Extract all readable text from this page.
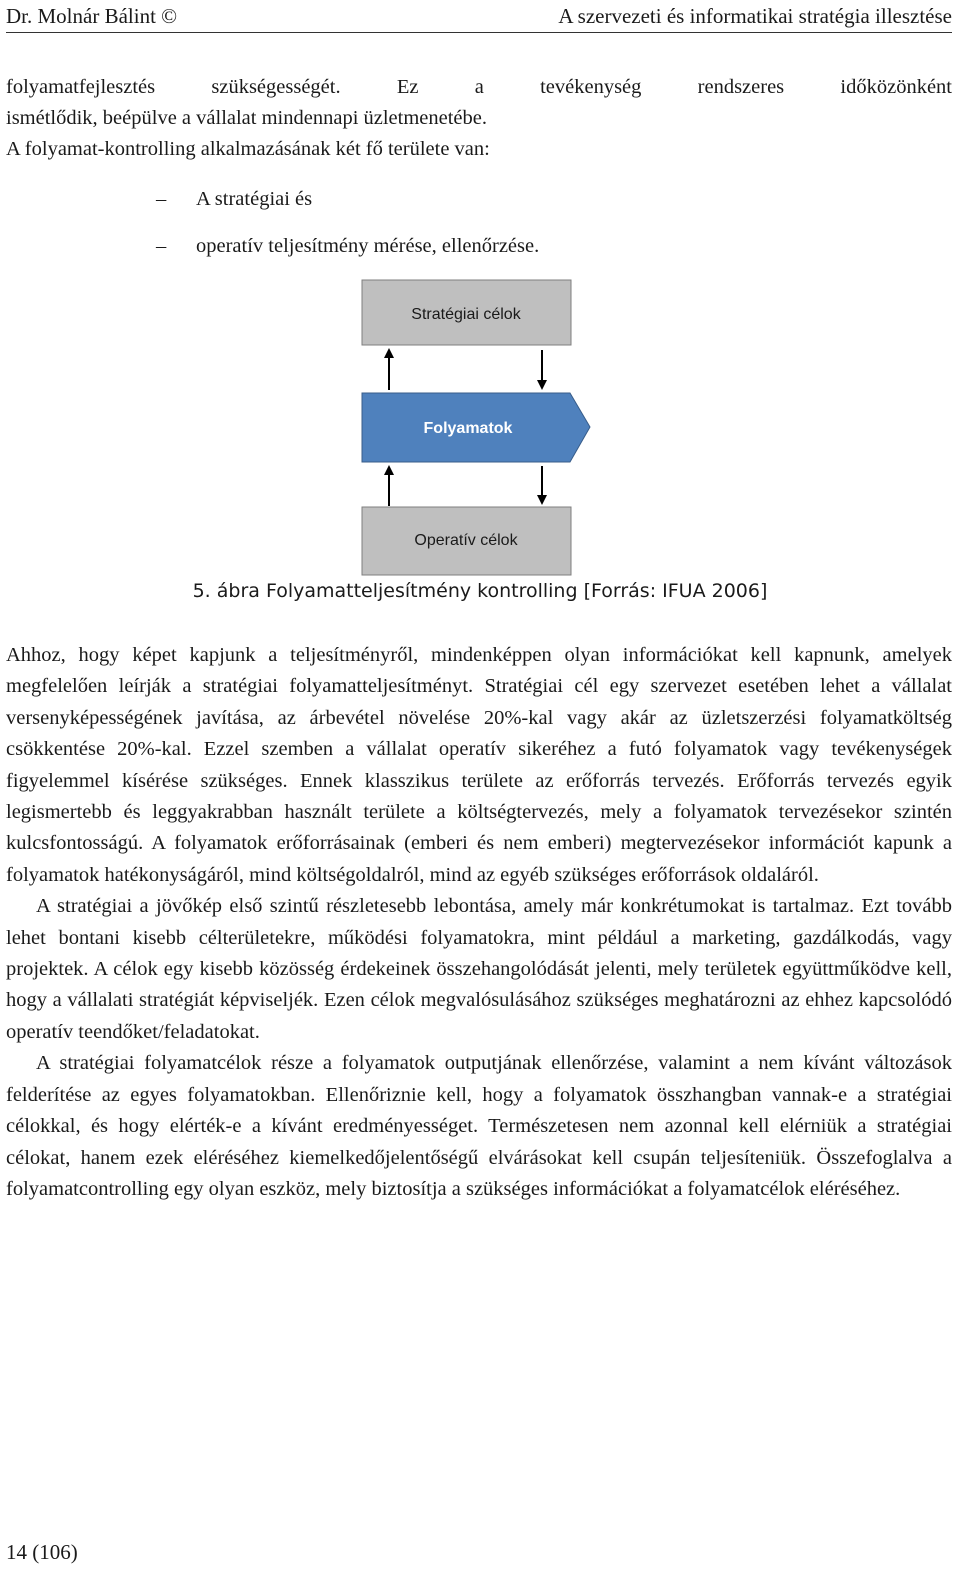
Dr. Molnár Bálint ©	A szervezeti és informatikai stratégia illesztése

folyamatfejlesztés szükségességét. Ez a tevékenység rendszeres időközönként

ismétlődik, beépülve a vállalat mindennapi üzletmenetébe.

A folyamat-kontrolling alkalmazásának két fő területe van:

–	A stratégiai és
–	operatív teljesítmény mérése, ellenőrzése.
Stratégiai célok
Folyamatok
Operatív célok
5. ábra Folyamatteljesítmény kontrolling [Forrás: IFUA 2006]

Ahhoz, hogy képet kapjunk a teljesítményről, mindenképpen olyan információkat kell kapnunk, amelyek megfelelően leírják a stratégiai folyamatteljesítményt. Stratégiai cél egy szervezet esetében lehet a vállalat versenyképességének javítása, az árbevétel növelése 20%-kal vagy akár az üzletszerzési folyamatköltség csökkentése 20%-kal. Ezzel szemben a vállalat operatív sikeréhez a futó folyamatok vagy tevékenységek figyelemmel kísérése szükséges. Ennek klasszikus területe az erőforrás tervezés. Erőforrás tervezés egyik legismertebb és leggyakrabban használt területe a költségtervezés, mely a folyamatok tervezésekor szintén kulcsfontosságú. A folyamatok erőforrásainak (emberi és nem emberi) megtervezésekor információt kapunk a folyamatok hatékonyságáról, mind költségoldalról, mind az egyéb szükséges erőforrások oldaláról.

A stratégiai a jövőkép első szintű részletesebb lebontása, amely már konkrétumokat is tartalmaz. Ezt tovább lehet bontani kisebb célterületekre, működési folyamatokra, mint például a marketing, gazdálkodás, vagy projektek. A célok egy kisebb közösség érdekeinek összehangolódását jelenti, mely területek együttműködve kell, hogy a vállalati stratégiát képviseljék. Ezen célok megvalósulásához szükséges meghatározni az ehhez kapcsolódó operatív teendőket/feladatokat.

A stratégiai folyamatcélok része a folyamatok outputjának ellenőrzése, valamint a nem kívánt változások felderítése az egyes folyamatokban. Ellenőriznie kell, hogy a folyamatok összhangban vannak-e a stratégiai célokkal, és hogy elérték-e a kívánt eredményességet. Természetesen nem azonnal kell elérniük a stratégiai célokat, hanem ezek eléréséhez kiemelkedőjelentőségű elvárásokat kell csupán teljesíteniük. Összefoglalva a folyamatcontrolling egy olyan eszköz, mely biztosítja a szükséges információkat a folyamatcélok eléréséhez.

14 (106)
